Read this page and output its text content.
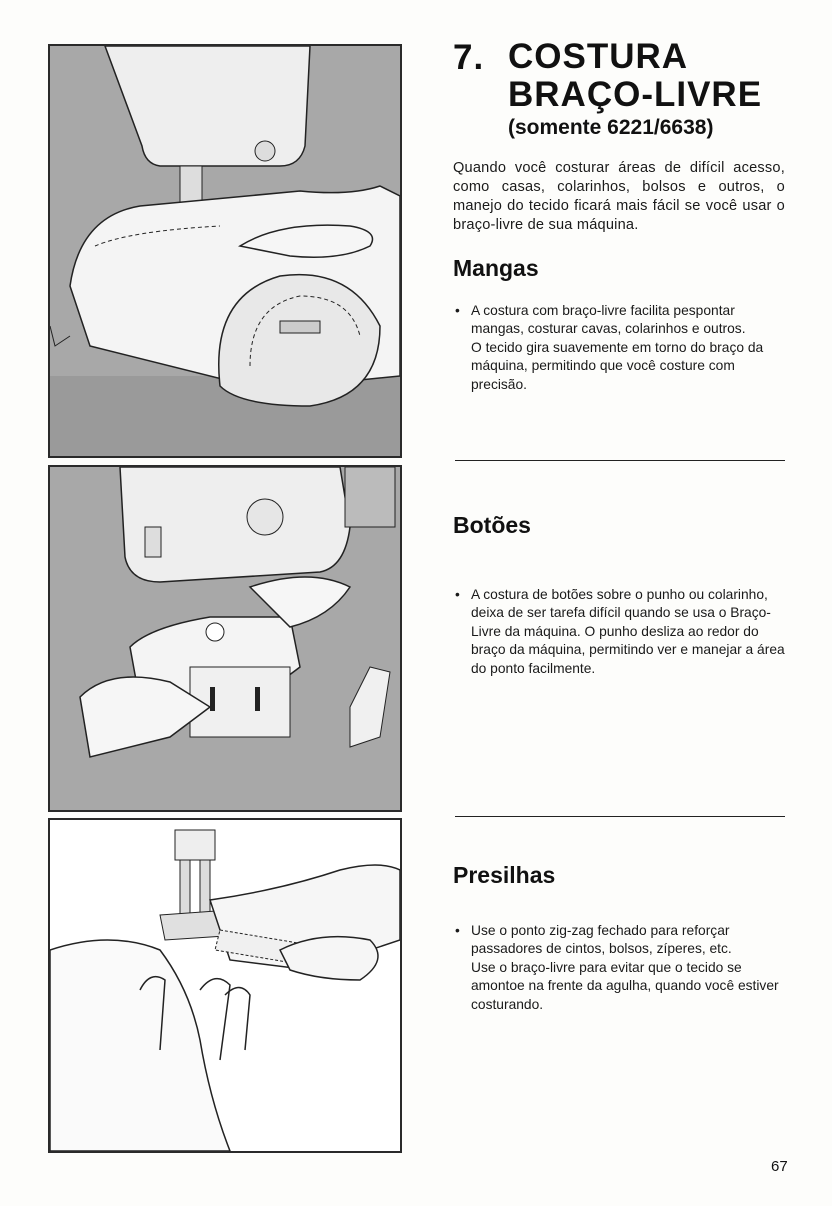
7. COSTURA
BRAÇO-LIVRE
(somente 6221/6638)

Quando você costurar áreas de difícil acesso, como casas, colarinhos, bolsos e outros, o manejo do tecido ficará mais fácil se você usar o braço-livre de sua máquina.

Mangas
• A costura com braço-livre facilita pespontar mangas, costurar cavas, colarinhos e outros.

O tecido gira suavemente em torno do braço da máquina, permitindo que você costure com precisão.

Botões
• A costura de botões sobre o punho ou colarinho, deixa de ser tarefa difícil quando se usa o Braço-Livre da máquina. O punho desliza ao redor do braço da máquina, permitindo ver e manejar a área do ponto facilmente.

Presilhas
• Use o ponto zig-zag fechado para reforçar passadores de cintos, bolsos, zíperes, etc.

Use o braço-livre para evitar que o tecido se amontoe na frente da agulha, quando você estiver costurando.

67
